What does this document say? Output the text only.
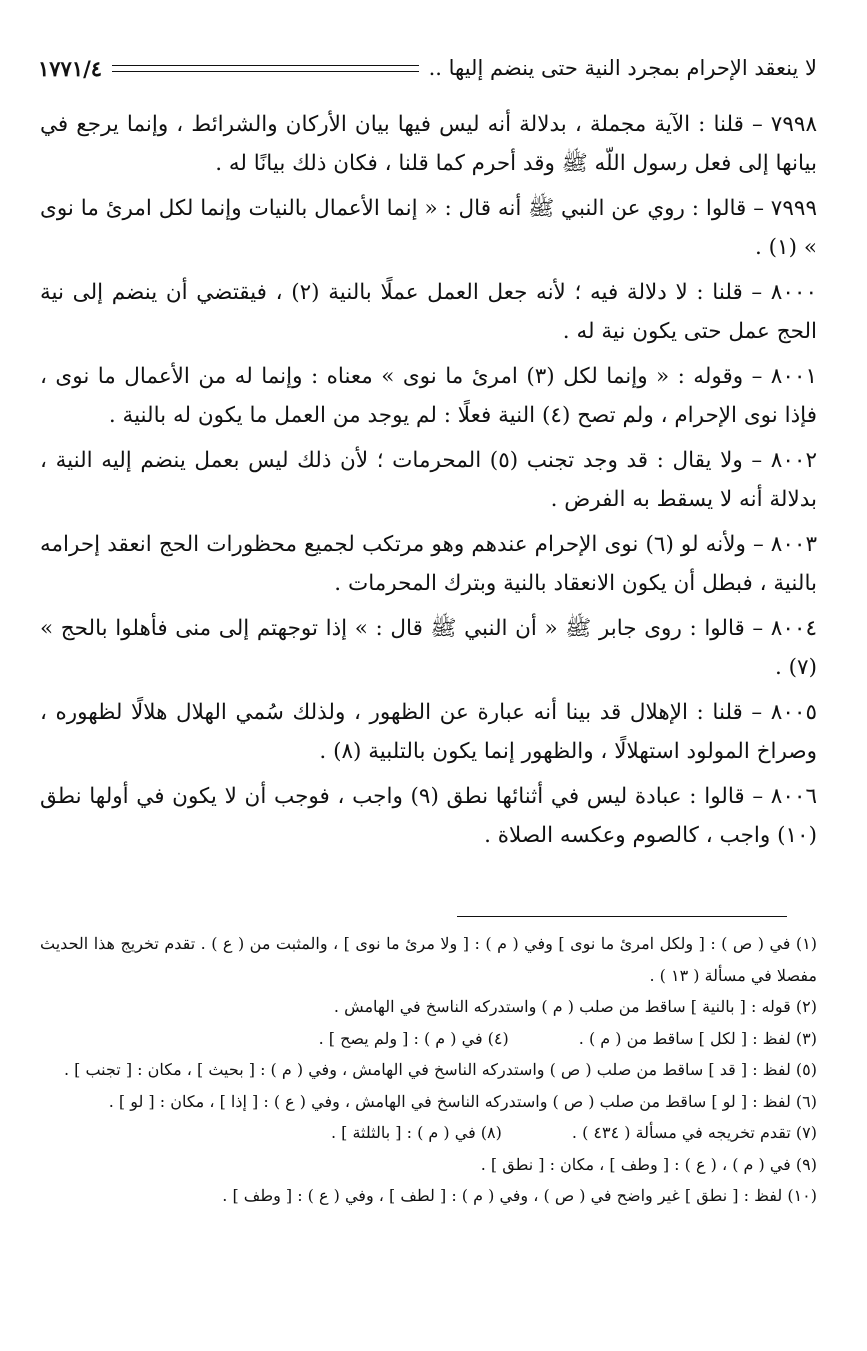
لا ينعقد الإحرام بمجرد النية حتى ينضم إليها ..
١٧٧١/٤

٧٩٩٨ – قلنا : الآية مجملة ، بدلالة أنه ليس فيها بيان الأركان والشرائط ، وإنما يرجع في بيانها إلى فعل رسول اللّه ﷺ وقد أحرم كما قلنا ، فكان ذلك بيانًا له .

٧٩٩٩ – قالوا : روي عن النبي ﷺ أنه قال : « إنما الأعمال بالنيات وإنما لكل امرئ ما نوى » (١) .

٨٠٠٠ – قلنا : لا دلالة فيه ؛ لأنه جعل العمل عملًا بالنية (٢) ، فيقتضي أن ينضم إلى نية الحج عمل حتى يكون نية له .

٨٠٠١ – وقوله : « وإنما لكل (٣) امرئ ما نوى » معناه : وإنما له من الأعمال ما نوى ، فإذا نوى الإحرام ، ولم تصح (٤) النية فعلًا : لم يوجد من العمل ما يكون له بالنية .

٨٠٠٢ – ولا يقال : قد وجد تجنب (٥) المحرمات ؛ لأن ذلك ليس بعمل ينضم إليه النية ، بدلالة أنه لا يسقط به الفرض .

٨٠٠٣ – ولأنه لو (٦) نوى الإحرام عندهم وهو مرتكب لجميع محظورات الحج انعقد إحرامه بالنية ، فبطل أن يكون الانعقاد بالنية وبترك المحرمات .

٨٠٠٤ – قالوا : روى جابر ﷺ « أن النبي ﷺ قال : » إذا توجهتم إلى منى فأهلوا بالحج » (٧) .

٨٠٠٥ – قلنا : الإهلال قد بينا أنه عبارة عن الظهور ، ولذلك سُمي الهلال هلالًا لظهوره ، وصراخ المولود استهلالًا ، والظهور إنما يكون بالتلبية (٨) .

٨٠٠٦ – قالوا : عبادة ليس في أثنائها نطق (٩) واجب ، فوجب أن لا يكون في أولها نطق (١٠) واجب ، كالصوم وعكسه الصلاة .

(١) في ( ص ) : [ ولكل امرئ ما نوى ] وفي ( م ) : [ ولا مرئ ما نوى ] ، والمثبت من ( ع ) . تقدم تخريج هذا الحديث مفصلا في مسألة ( ١٣ ) .

(٢) قوله : [ بالنية ] ساقط من صلب ( م ) واستدركه الناسخ في الهامش .

(٣) لفظ : [ لكل ] ساقط من ( م ) .
(٤) في ( م ) : [ ولم يصح ] .

(٥) لفظ : [ قد ] ساقط من صلب ( ص ) واستدركه الناسخ في الهامش ، وفي ( م ) : [ بحيث ] ، مكان : [ تجنب ] .

(٦) لفظ : [ لو ] ساقط من صلب ( ص ) واستدركه الناسخ في الهامش ، وفي ( ع ) : [ إذا ] ، مكان : [ لو ] .

(٧) تقدم تخريجه في مسألة ( ٤٣٤ ) .
(٨) في ( م ) : [ بالثلثة ] .

(٩) في ( م ) ، ( ع ) : [ وطف ] ، مكان : [ نطق ] .

(١٠) لفظ : [ نطق ] غير واضح في ( ص ) ، وفي ( م ) : [ لطف ] ، وفي ( ع ) : [ وطف ] .
